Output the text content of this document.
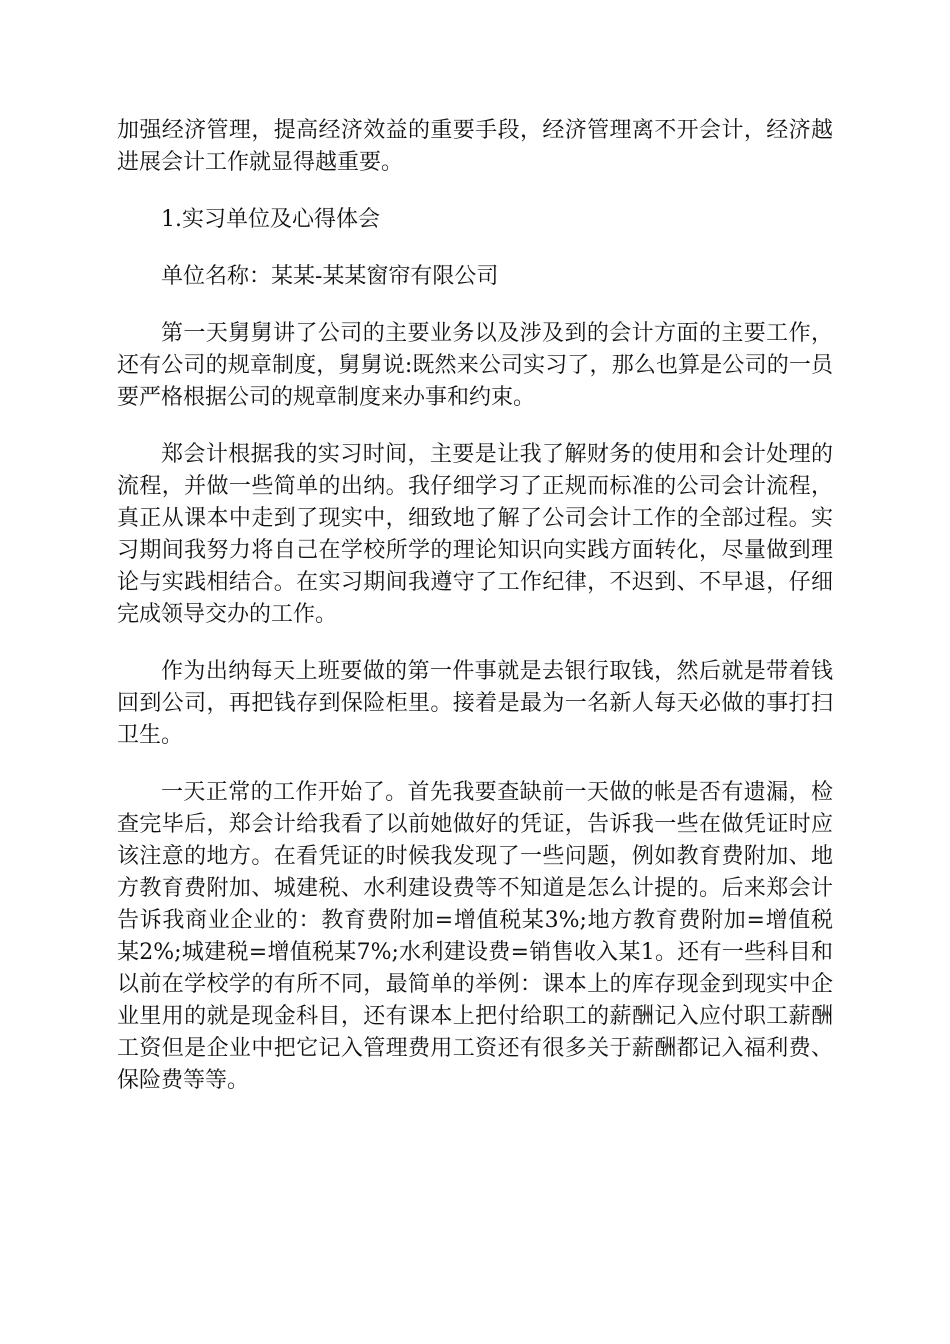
加强经济管理，提高经济效益的重要手段，经济管理离不开会计，经济越进展会计工作就显得越重要。

1.实习单位及心得体会

单位名称：某某-某某窗帘有限公司

第一天舅舅讲了公司的主要业务以及涉及到的会计方面的主要工作，还有公司的规章制度，舅舅说:既然来公司实习了，那么也算是公司的一员要严格根据公司的规章制度来办事和约束。

郑会计根据我的实习时间，主要是让我了解财务的使用和会计处理的流程，并做一些简单的出纳。我仔细学习了正规而标准的公司会计流程，真正从课本中走到了现实中，细致地了解了公司会计工作的全部过程。实习期间我努力将自己在学校所学的理论知识向实践方面转化，尽量做到理论与实践相结合。在实习期间我遵守了工作纪律，不迟到、不早退，仔细完成领导交办的工作。

作为出纳每天上班要做的第一件事就是去银行取钱，然后就是带着钱回到公司，再把钱存到保险柜里。接着是最为一名新人每天必做的事打扫卫生。

一天正常的工作开始了。首先我要查缺前一天做的帐是否有遗漏，检查完毕后，郑会计给我看了以前她做好的凭证，告诉我一些在做凭证时应该注意的地方。在看凭证的时候我发现了一些问题，例如教育费附加、地方教育费附加、城建税、水利建设费等不知道是怎么计提的。后来郑会计告诉我商业企业的：教育费附加=增值税某3%;地方教育费附加=增值税某2%;城建税=增值税某7%;水利建设费=销售收入某1。还有一些科目和以前在学校学的有所不同，最简单的举例：课本上的库存现金到现实中企业里用的就是现金科目，还有课本上把付给职工的薪酬记入应付职工薪酬工资但是企业中把它记入管理费用工资还有很多关于薪酬都记入福利费、保险费等等。
